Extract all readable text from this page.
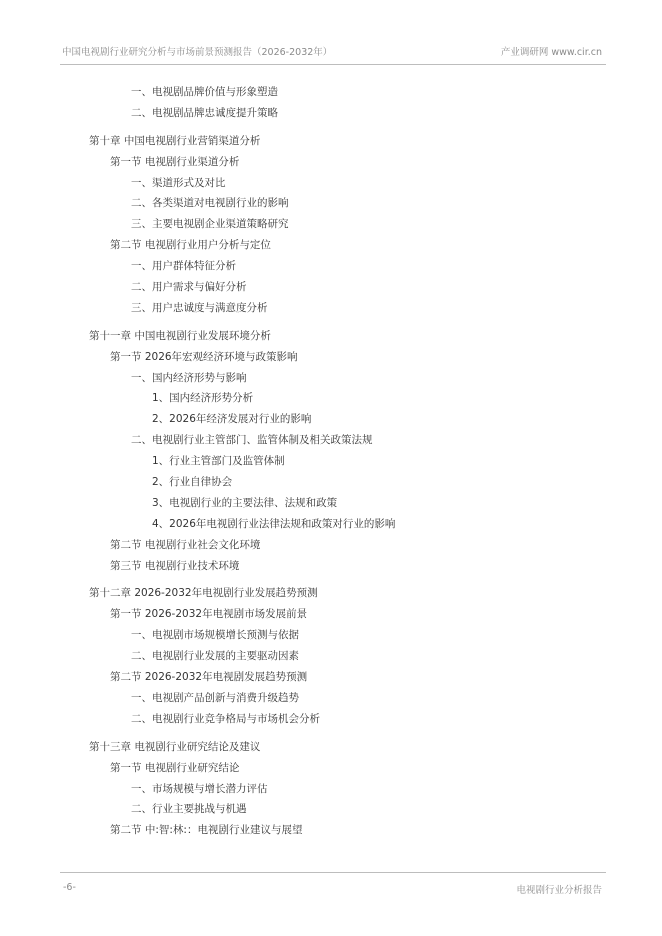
中国电视剧行业研究分析与市场前景预测报告（2026-2032年）	产业调研网 www.cir.cn
一、电视剧品牌价值与形象塑造
二、电视剧品牌忠诚度提升策略
第十章 中国电视剧行业营销渠道分析
第一节 电视剧行业渠道分析
一、渠道形式及对比
二、各类渠道对电视剧行业的影响
三、主要电视剧企业渠道策略研究
第二节 电视剧行业用户分析与定位
一、用户群体特征分析
二、用户需求与偏好分析
三、用户忠诚度与满意度分析
第十一章 中国电视剧行业发展环境分析
第一节 2026年宏观经济环境与政策影响
一、国内经济形势与影响
1、国内经济形势分析
2、2026年经济发展对行业的影响
二、电视剧行业主管部门、监管体制及相关政策法规
1、行业主管部门及监管体制
2、行业自律协会
3、电视剧行业的主要法律、法规和政策
4、2026年电视剧行业法律法规和政策对行业的影响
第二节 电视剧行业社会文化环境
第三节 电视剧行业技术环境
第十二章 2026-2032年电视剧行业发展趋势预测
第一节 2026-2032年电视剧市场发展前景
一、电视剧市场规模增长预测与依据
二、电视剧行业发展的主要驱动因素
第二节 2026-2032年电视剧发展趋势预测
一、电视剧产品创新与消费升级趋势
二、电视剧行业竞争格局与市场机会分析
第十三章 电视剧行业研究结论及建议
第一节 电视剧行业研究结论
一、市场规模与增长潜力评估
二、行业主要挑战与机遇
第二节 中:智:林:：电视剧行业建议与展望
-6-	电视剧行业分析报告
